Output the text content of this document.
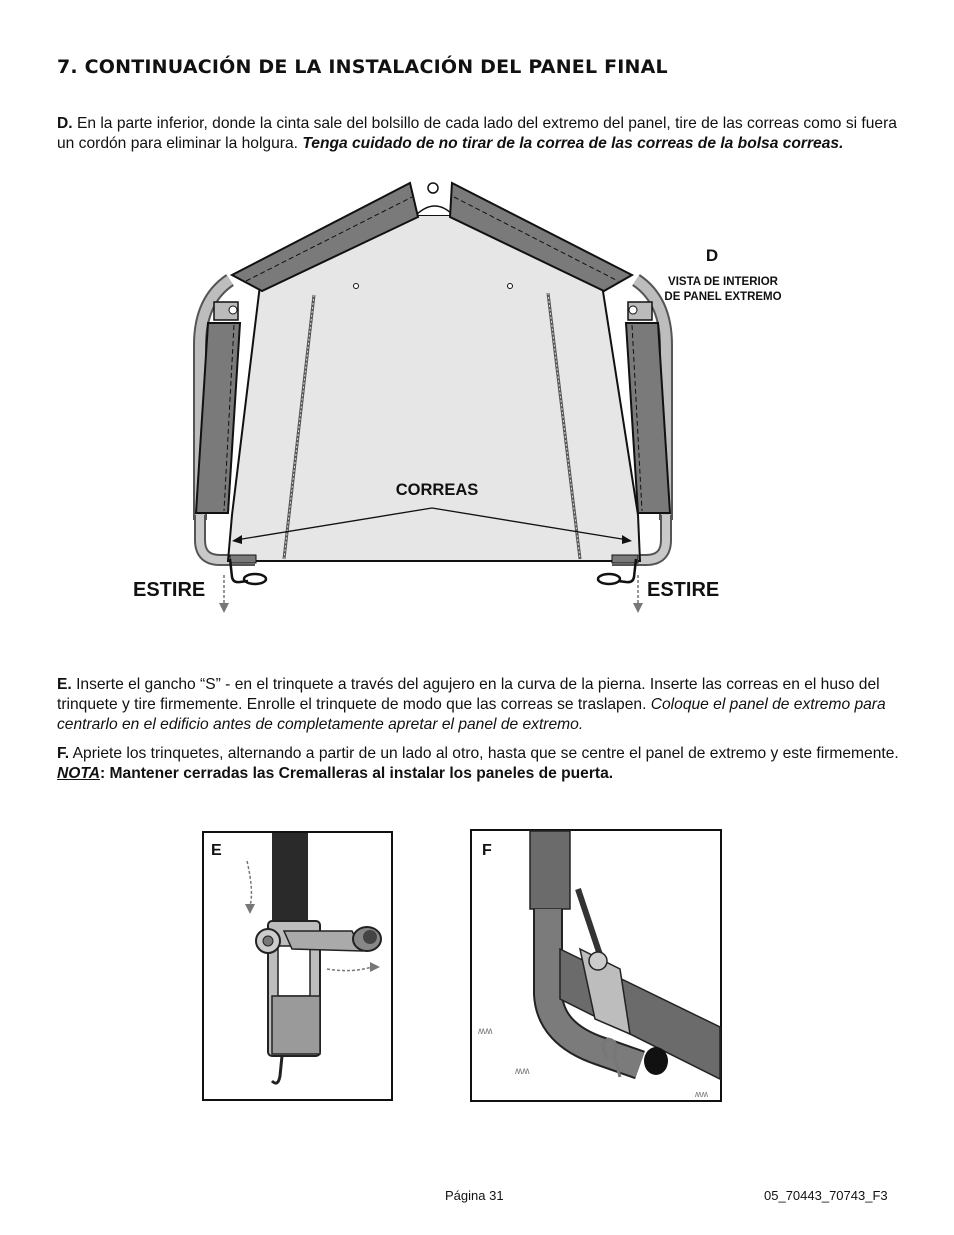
7. CONTINUACIÓN DE LA INSTALACIÓN DEL PANEL FINAL
D. En la parte inferior, donde la cinta sale del bolsillo de cada lado del extremo del panel, tire de las correas como si fuera un cordón para eliminar la holgura. Tenga cuidado de no tirar de la correa de las correas de la bolsa correas.
CORREAS
D
VISTA DE INTERIOR
DE PANEL EXTREMO
ESTIRE	ESTIRE
E. Inserte el gancho “S” - en el trinquete a través del agujero en la curva de la pierna. Inserte las correas en el huso del trinquete y tire firmemente. Enrolle el trinquete de modo que las correas se traslapen. Coloque el panel de extremo para centrarlo en el edificio antes de completamente apretar el panel de extremo.
F. Apriete los trinquetes, alternando a partir de un lado al otro, hasta que se centre el panel de extremo y este firmemente. NOTA: Mantener cerradas las Cremalleras al instalar los paneles de puerta.
E	F
ʍʍ
ʍʍ
ʍʍ
Página 31	05_70443_70743_F3
